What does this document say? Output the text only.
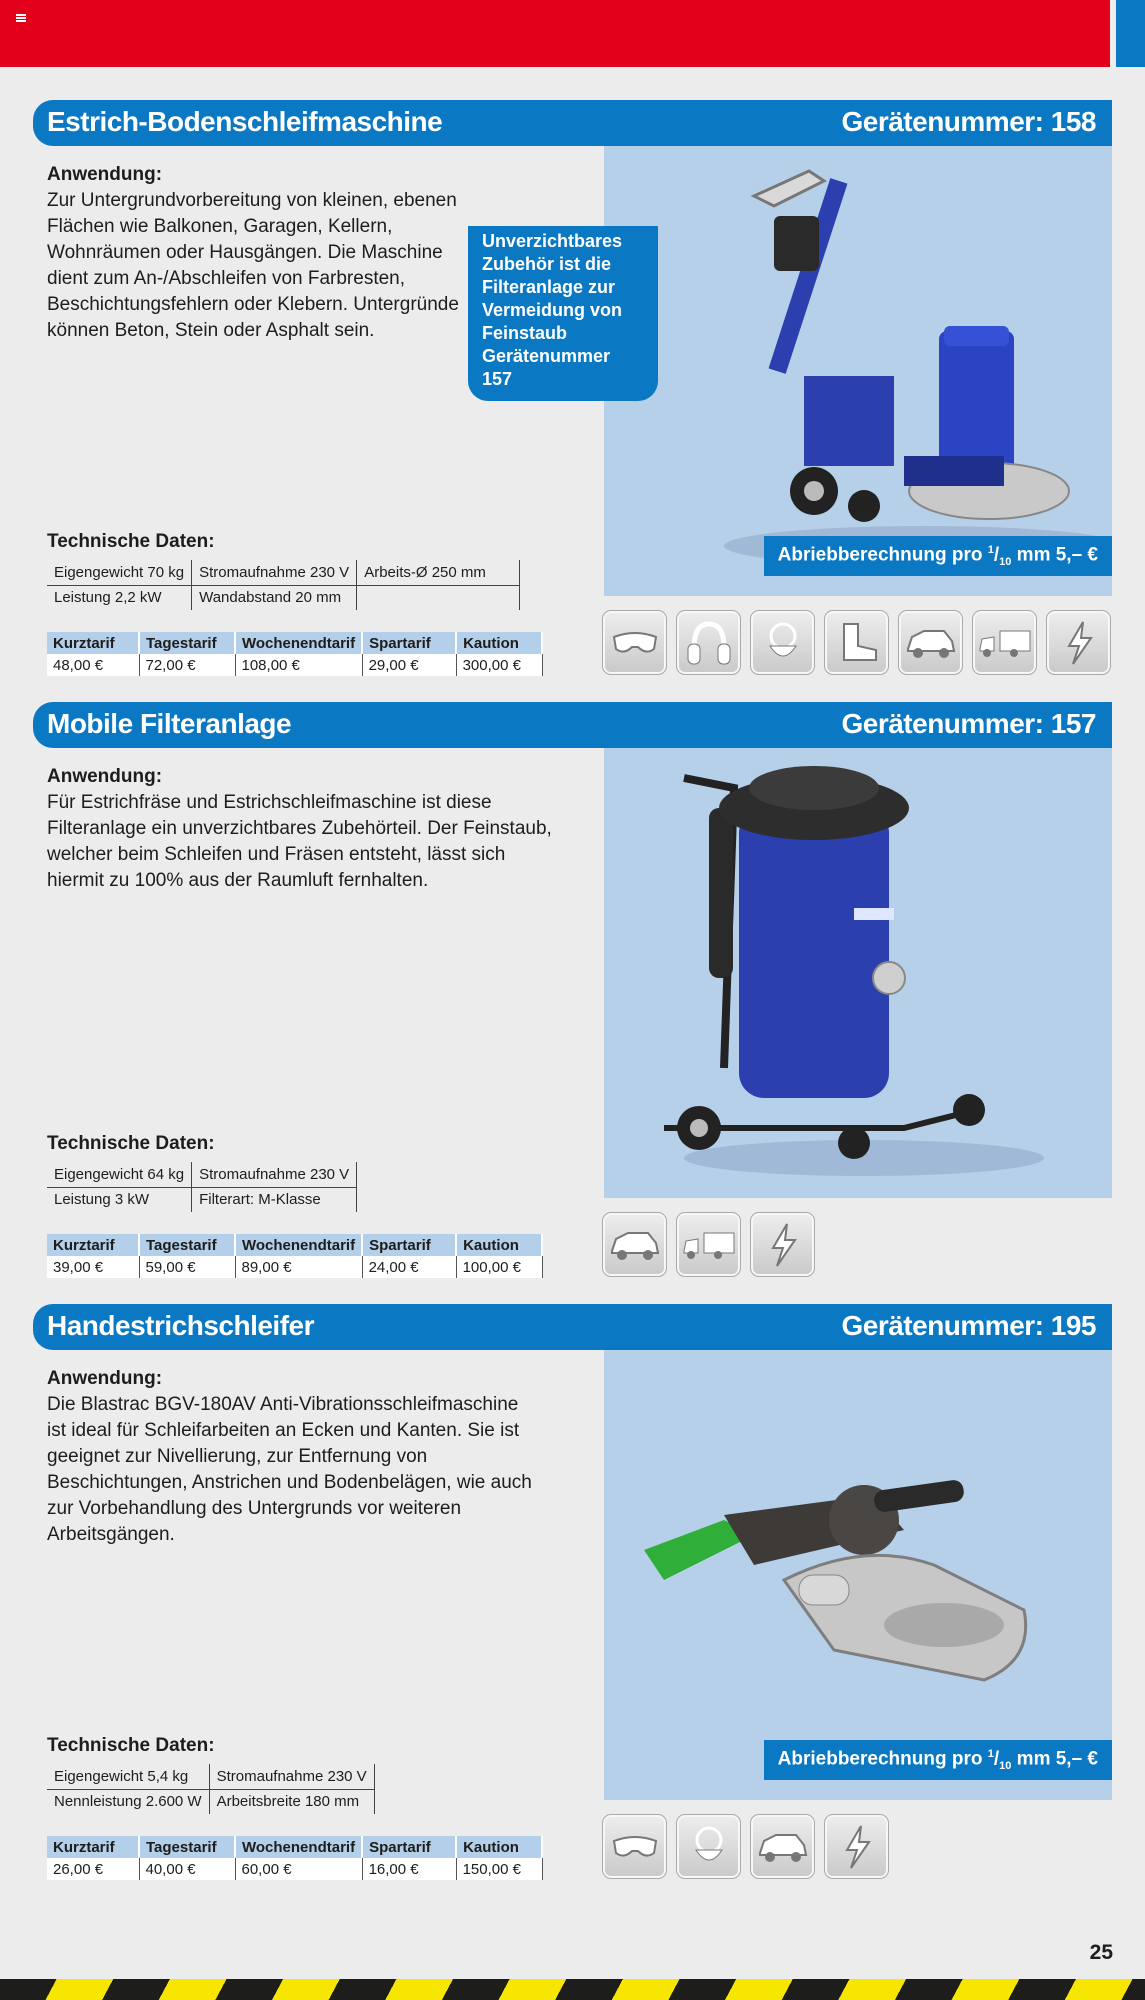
Estrich-Bodenschleifmaschine	Gerätenummer: 158
Anwendung:
Zur Untergrundvorbereitung von kleinen, ebenen Flächen wie Balkonen, Garagen, Kellern, Wohnräumen oder Hausgängen. Die Maschine dient zum An-/Abschleifen von Farbresten, Beschichtungsfehlern oder Klebern. Untergründe können Beton, Stein oder Asphalt sein.
Abriebberechnung pro $^1/_{10}$ mm 5,– €
Unverzichtbares
Zubehör ist die
Filteranlage zur
Vermeidung von
Feinstaub
Gerätenummer 157
Technische Daten:
Eigengewicht 70 kg	Stromaufnahme 230 V	Arbeits-Ø 250 mm
Leistung 2,2 kW	Wandabstand 20 mm	
Kurztarif	Tagestarif	Wochenendtarif	Spartarif	Kaution
48,00 €	72,00 €	108,00 €	29,00 €	300,00 €
Mobile Filteranlage	Gerätenummer: 157
Anwendung:
Für Estrichfräse und Estrichschleifmaschine ist diese Filteranlage ein unverzichtbares Zubehörteil. Der Feinstaub, welcher beim Schleifen und Fräsen entsteht, lässt sich hiermit zu 100% aus der Raumluft fernhalten.
Technische Daten:
Eigengewicht 64 kg	Stromaufnahme 230 V
Leistung 3 kW	Filterart: M-Klasse
Kurztarif	Tagestarif	Wochenendtarif	Spartarif	Kaution
39,00 €	59,00 €	89,00 €	24,00 €	100,00 €
Handestrichschleifer	Gerätenummer: 195
Anwendung:
Die Blastrac BGV-180AV Anti-Vibrationsschleifmaschine ist ideal für Schleifarbeiten an Ecken und Kanten. Sie ist geeignet zur Nivellierung, zur Entfernung von Beschichtungen, Anstrichen und Bodenbelägen, wie auch zur Vorbehandlung des Untergrunds vor weiteren Arbeitsgängen.
Abriebberechnung pro $^1/_{10}$ mm 5,– €
Technische Daten:
Eigengewicht 5,4 kg	Stromaufnahme 230 V
Nennleistung 2.600 W	Arbeitsbreite 180 mm
Kurztarif	Tagestarif	Wochenendtarif	Spartarif	Kaution
26,00 €	40,00 €	60,00 €	16,00 €	150,00 €
25
